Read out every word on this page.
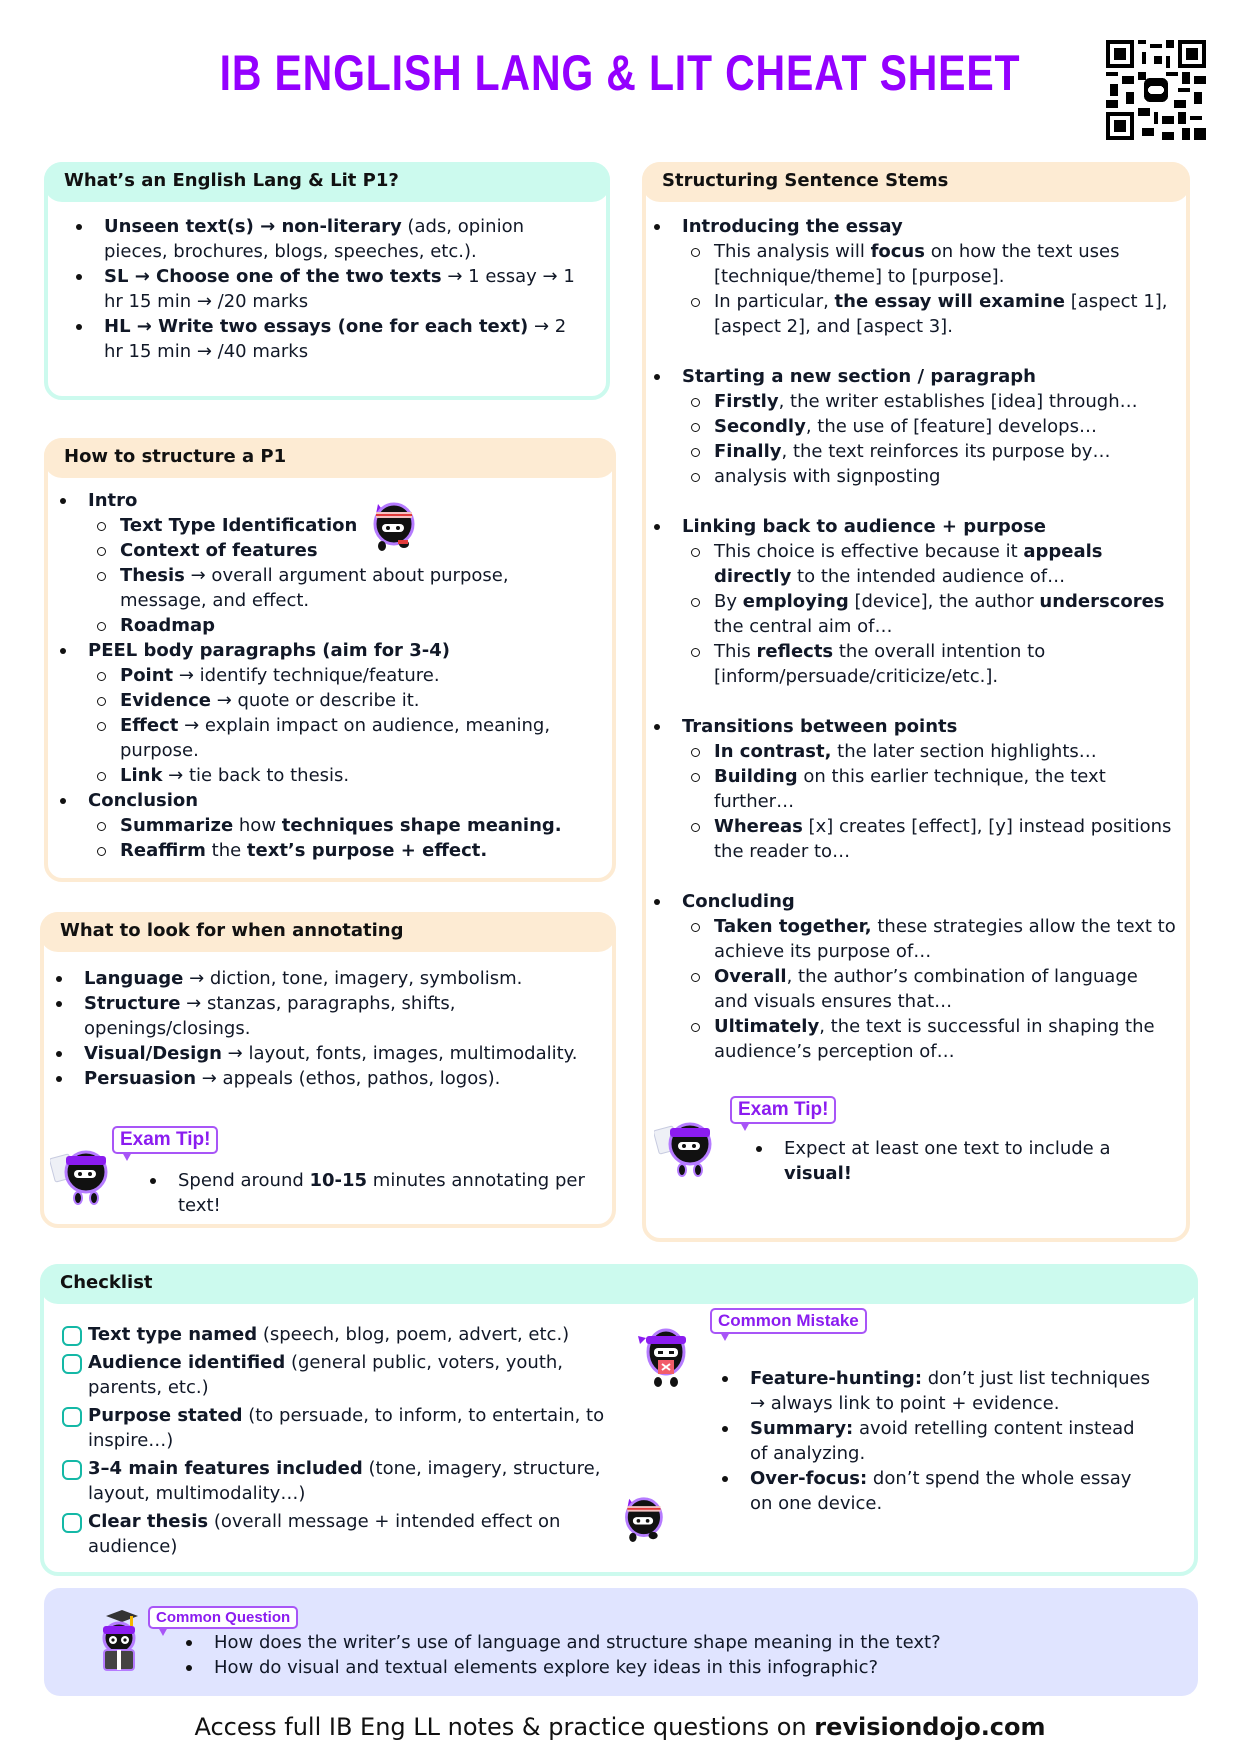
IB ENGLISH LANG & LIT CHEAT SHEET
What’s an English Lang & Lit P1?
Unseen text(s) → non-literary (ads, opinion pieces, brochures, blogs, speeches, etc.).
SL → Choose one of the two texts → 1 essay → 1 hr 15 min → /20 marks
HL → Write two essays (one for each text) → 2 hr 15 min → /40 marks
How to structure a P1
Intro
Text Type Identification
Context of features
Thesis → overall argument about purpose, message, and effect.
Roadmap
PEEL body paragraphs (aim for 3-4)
Point → identify technique/feature.
Evidence → quote or describe it.
Effect → explain impact on audience, meaning, purpose.
Link → tie back to thesis.
Conclusion
Summarize how techniques shape meaning.
Reaffirm the text’s purpose + effect.
What to look for when annotating
Language → diction, tone, imagery, symbolism.
Structure → stanzas, paragraphs, shifts, openings/closings.
Visual/Design → layout, fonts, images, multimodality.
Persuasion → appeals (ethos, pathos, logos).
Exam Tip!
Spend around 10-15 minutes annotating per text!
Structuring Sentence Stems
Introducing the essay
This analysis will focus on how the text uses [technique/theme] to [purpose].
In particular, the essay will examine [aspect 1], [aspect 2], and [aspect 3].
Starting a new section / paragraph
Firstly, the writer establishes [idea] through…
Secondly, the use of [feature] develops…
Finally, the text reinforces its purpose by…
analysis with signposting
Linking back to audience + purpose
This choice is effective because it appeals directly to the intended audience of…
By employing [device], the author underscores the central aim of…
This reflects the overall intention to [inform/persuade/criticize/etc.].
Transitions between points
In contrast, the later section highlights…
Building on this earlier technique, the text further…
Whereas [x] creates [effect], [y] instead positions the reader to…
Concluding
Taken together, these strategies allow the text to achieve its purpose of…
Overall, the author’s combination of language and visuals ensures that…
Ultimately, the text is successful in shaping the audience’s perception of…
Exam Tip!
Expect at least one text to include a visual!
Checklist
Text type named (speech, blog, poem, advert, etc.)
Audience identified (general public, voters, youth, parents, etc.)
Purpose stated (to persuade, to inform, to entertain, to inspire…)
3–4 main features included (tone, imagery, structure, layout, multimodality…)
Clear thesis (overall message + intended effect on audience)
Common Mistake
Feature-hunting: don’t just list techniques → always link to point + evidence.
Summary: avoid retelling content instead of analyzing.
Over-focus: don’t spend the whole essay on one device.
Common Question
How does the writer’s use of language and structure shape meaning in the text?
How do visual and textual elements explore key ideas in this infographic?
Access full IB Eng LL notes & practice questions on revisiondojo.com
